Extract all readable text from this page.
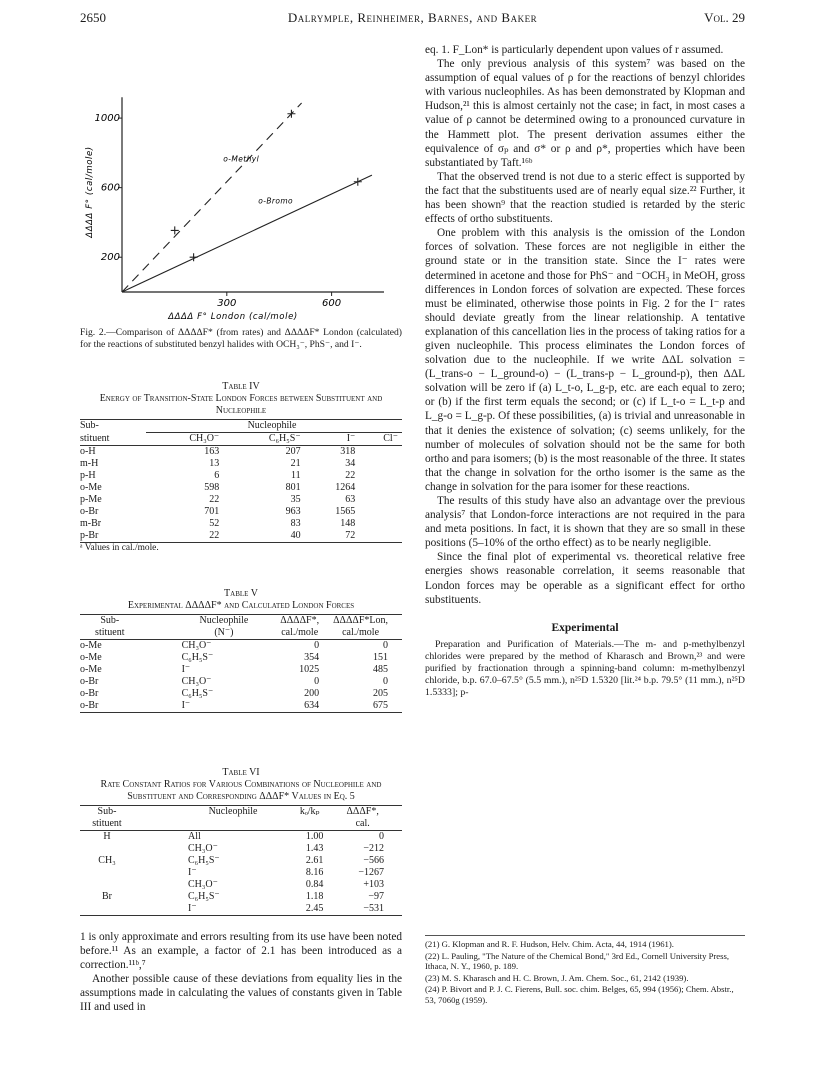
2650	Dalrymple, Reinheimer, Barnes, and Baker	Vol. 29
300	600
1000
600
200
o-Methyl
o-Bromo
ΔΔΔΔ F° London (cal/mole)
ΔΔΔΔ F° (cal/mole)
Fig. 2.—Comparison of ΔΔΔΔF* (from rates) and ΔΔΔΔF* London (calculated) for the reactions of substituted benzyl halides with OCH₃⁻, PhS⁻, and I⁻.
Table IV
Energy of Transition-State London Forces between Substituent and Nucleophile
Sub-	Nucleophile			
stituent	CH₃O⁻	C₆H₅S⁻	I⁻	Cl⁻
o-H	163	207	318	
m-H	13	21	34	
p-H	6	11	22	
o-Me	598	801	1264	
p-Me	22	35	63	
o-Br	701	963	1565	
m-Br	52	83	148	
p-Br	22	40	72	
ᵃ Values in cal./mole.
Table V
Experimental ΔΔΔΔF* and Calculated London Forces
Sub-	Nucleophile	ΔΔΔΔF*,	ΔΔΔΔF*Lon,
stituent	(N⁻)	cal./mole	cal./mole
o-Me	CH₃O⁻	0	0
o-Me	C₆H₅S⁻	354	151
o-Me	I⁻	1025	485
o-Br	CH₃O⁻	0	0
o-Br	C₆H₅S⁻	200	205
o-Br	I⁻	634	675
Table VI
Rate Constant Ratios for Various Combinations of Nucleophile and Substituent and Corresponding ΔΔΔF* Values in Eq. 5
Sub-	Nucleophile	kₒ/kₚ	ΔΔΔF*,
stituent			cal.
H	All	1.00	0
	CH₃O⁻	1.43	−212
CH₃	C₆H₅S⁻	2.61	−566
	I⁻	8.16	−1267
	CH₃O⁻	0.84	+103
Br	C₆H₅S⁻	1.18	−97
	I⁻	2.45	−531

1 is only approximate and errors resulting from its use have been noted before.¹¹ As an example, a factor of 2.1 has been introduced as a correction.¹¹ᵇ,⁷

Another possible cause of these deviations from equality lies in the assumptions made in calculating the values of constants given in Table III and used in

eq. 1. F_Lon* is particularly dependent upon values of r assumed.

The only previous analysis of this system⁷ was based on the assumption of equal values of ρ for the reactions of benzyl chlorides with various nucleophiles. As has been demonstrated by Klopman and Hudson,²¹ this is almost certainly not the case; in fact, in most cases a value of ρ cannot be determined owing to a pronounced curvature in the Hammett plot. The present derivation assumes either the equivalence of σₚ and σ* or ρ and ρ*, properties which have been substantiated by Taft.¹⁶ᵇ

That the observed trend is not due to a steric effect is supported by the fact that the substituents used are of nearly equal size.²² Further, it has been shown⁹ that the reaction studied is retarded by the steric effects of ortho substituents.

One problem with this analysis is the omission of the London forces of solvation. These forces are not negligible in either the ground state or in the transition state. Since the I⁻ rates were determined in acetone and those for PhS⁻ and ⁻OCH₃ in MeOH, gross differences in London forces of solvation are expected. These forces must be eliminated, otherwise those points in Fig. 2 for the I⁻ rates should deviate greatly from the linear relationship. A tentative explanation of this cancellation lies in the process of taking ratios for a given nucleophile. This process eliminates the London forces of solvation due to the nucleophile. If we write ΔΔL solvation = (L_trans-o − L_ground-o) − (L_trans-p − L_ground-p), then ΔΔL solvation will be zero if (a) L_t-o, L_g-p, etc. are each equal to zero; or (b) if the first term equals the second; or (c) if L_t-o = L_t-p and L_g-o = L_g-p. Of these possibilities, (a) is trivial and unreasonable in that it denies the existence of solvation; (c) seems unlikely, for the number of molecules of solvation should not be the same for both ortho and para isomers; (b) is the most reasonable of the three. It states that the change in solvation for the ortho isomer is the same as the change in solvation for the para isomer for these reactions.

The results of this study have also an advantage over the previous analysis⁷ that London-force interactions are not required in the para and meta positions. In fact, it is shown that they are so small in these positions (5–10% of the ortho effect) as to be nearly negligible.

Since the final plot of experimental vs. theoretical relative free energies shows reasonable correlation, it seems reasonable that London forces may be operable as a significant effect for ortho substituents.

Experimental
Preparation and Purification of Materials.—The m- and p-methylbenzyl chlorides were prepared by the method of Kharasch and Brown,²³ and were purified by fractionation through a spinning-band column: m-methylbenzyl chloride, b.p. 67.0–67.5° (5.5 mm.), n²⁵D 1.5320 [lit.²⁴ b.p. 79.5° (11 mm.), n²⁵D 1.5333]; p-
(21) G. Klopman and R. F. Hudson, Helv. Chim. Acta, 44, 1914 (1961).
(22) L. Pauling, "The Nature of the Chemical Bond," 3rd Ed., Cornell University Press, Ithaca, N. Y., 1960, p. 189.
(23) M. S. Kharasch and H. C. Brown, J. Am. Chem. Soc., 61, 2142 (1939).
(24) P. Bivort and P. J. C. Fierens, Bull. soc. chim. Belges, 65, 994 (1956); Chem. Abstr., 53, 7060g (1959).
